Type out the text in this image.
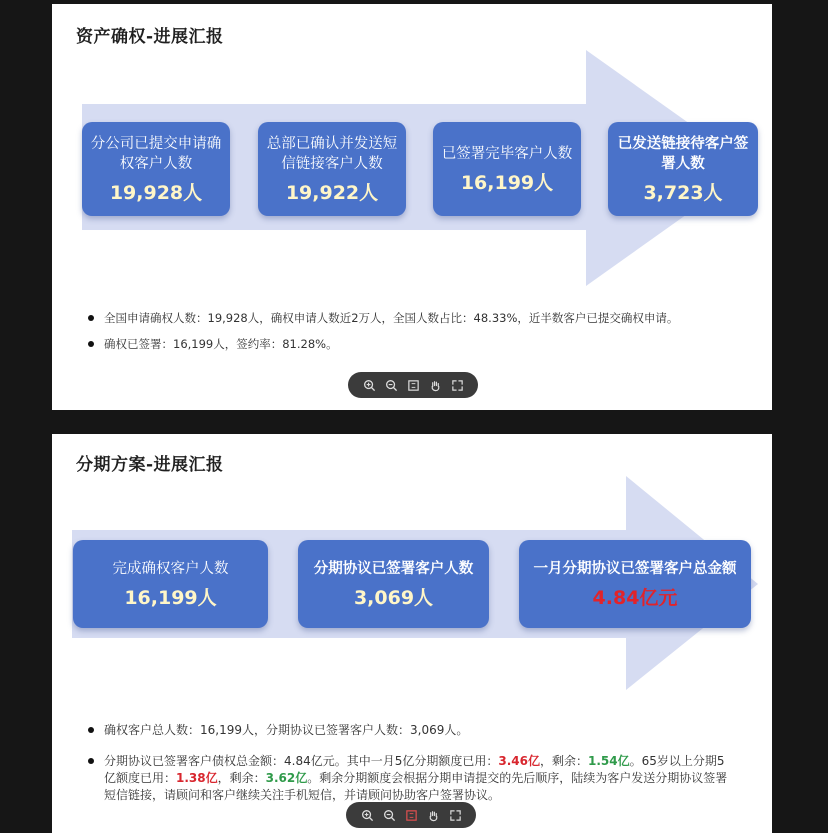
资产确权-进展汇报
分公司已提交申请确权客户人数
19,928人
总部已确认并发送短信链接客户人数
19,922人
已签署完毕客户人数
16,199人
已发送链接待客户签署人数
3,723人
全国申请确权人数：19,928人，确权申请人数近2万人，全国人数占比：48.33%，近半数客户已提交确权申请。
确权已签署：16,199人，签约率：81.28%。
分期方案-进展汇报
完成确权客户人数
16,199人
分期协议已签署客户人数
3,069人
一月分期协议已签署客户总金额
4.84亿元
确权客户总人数：16,199人，分期协议已签署客户人数：3,069人。
分期协议已签署客户债权总金额：4.84亿元。其中一月5亿分期额度已用：3.46亿，剩余：1.54亿。65岁以上分期5亿额度已用：1.38亿，剩余：3.62亿。剩余分期额度会根据分期申请提交的先后顺序，陆续为客户发送分期协议签署短信链接，请顾问和客户继续关注手机短信，并请顾问协助客户签署协议。
